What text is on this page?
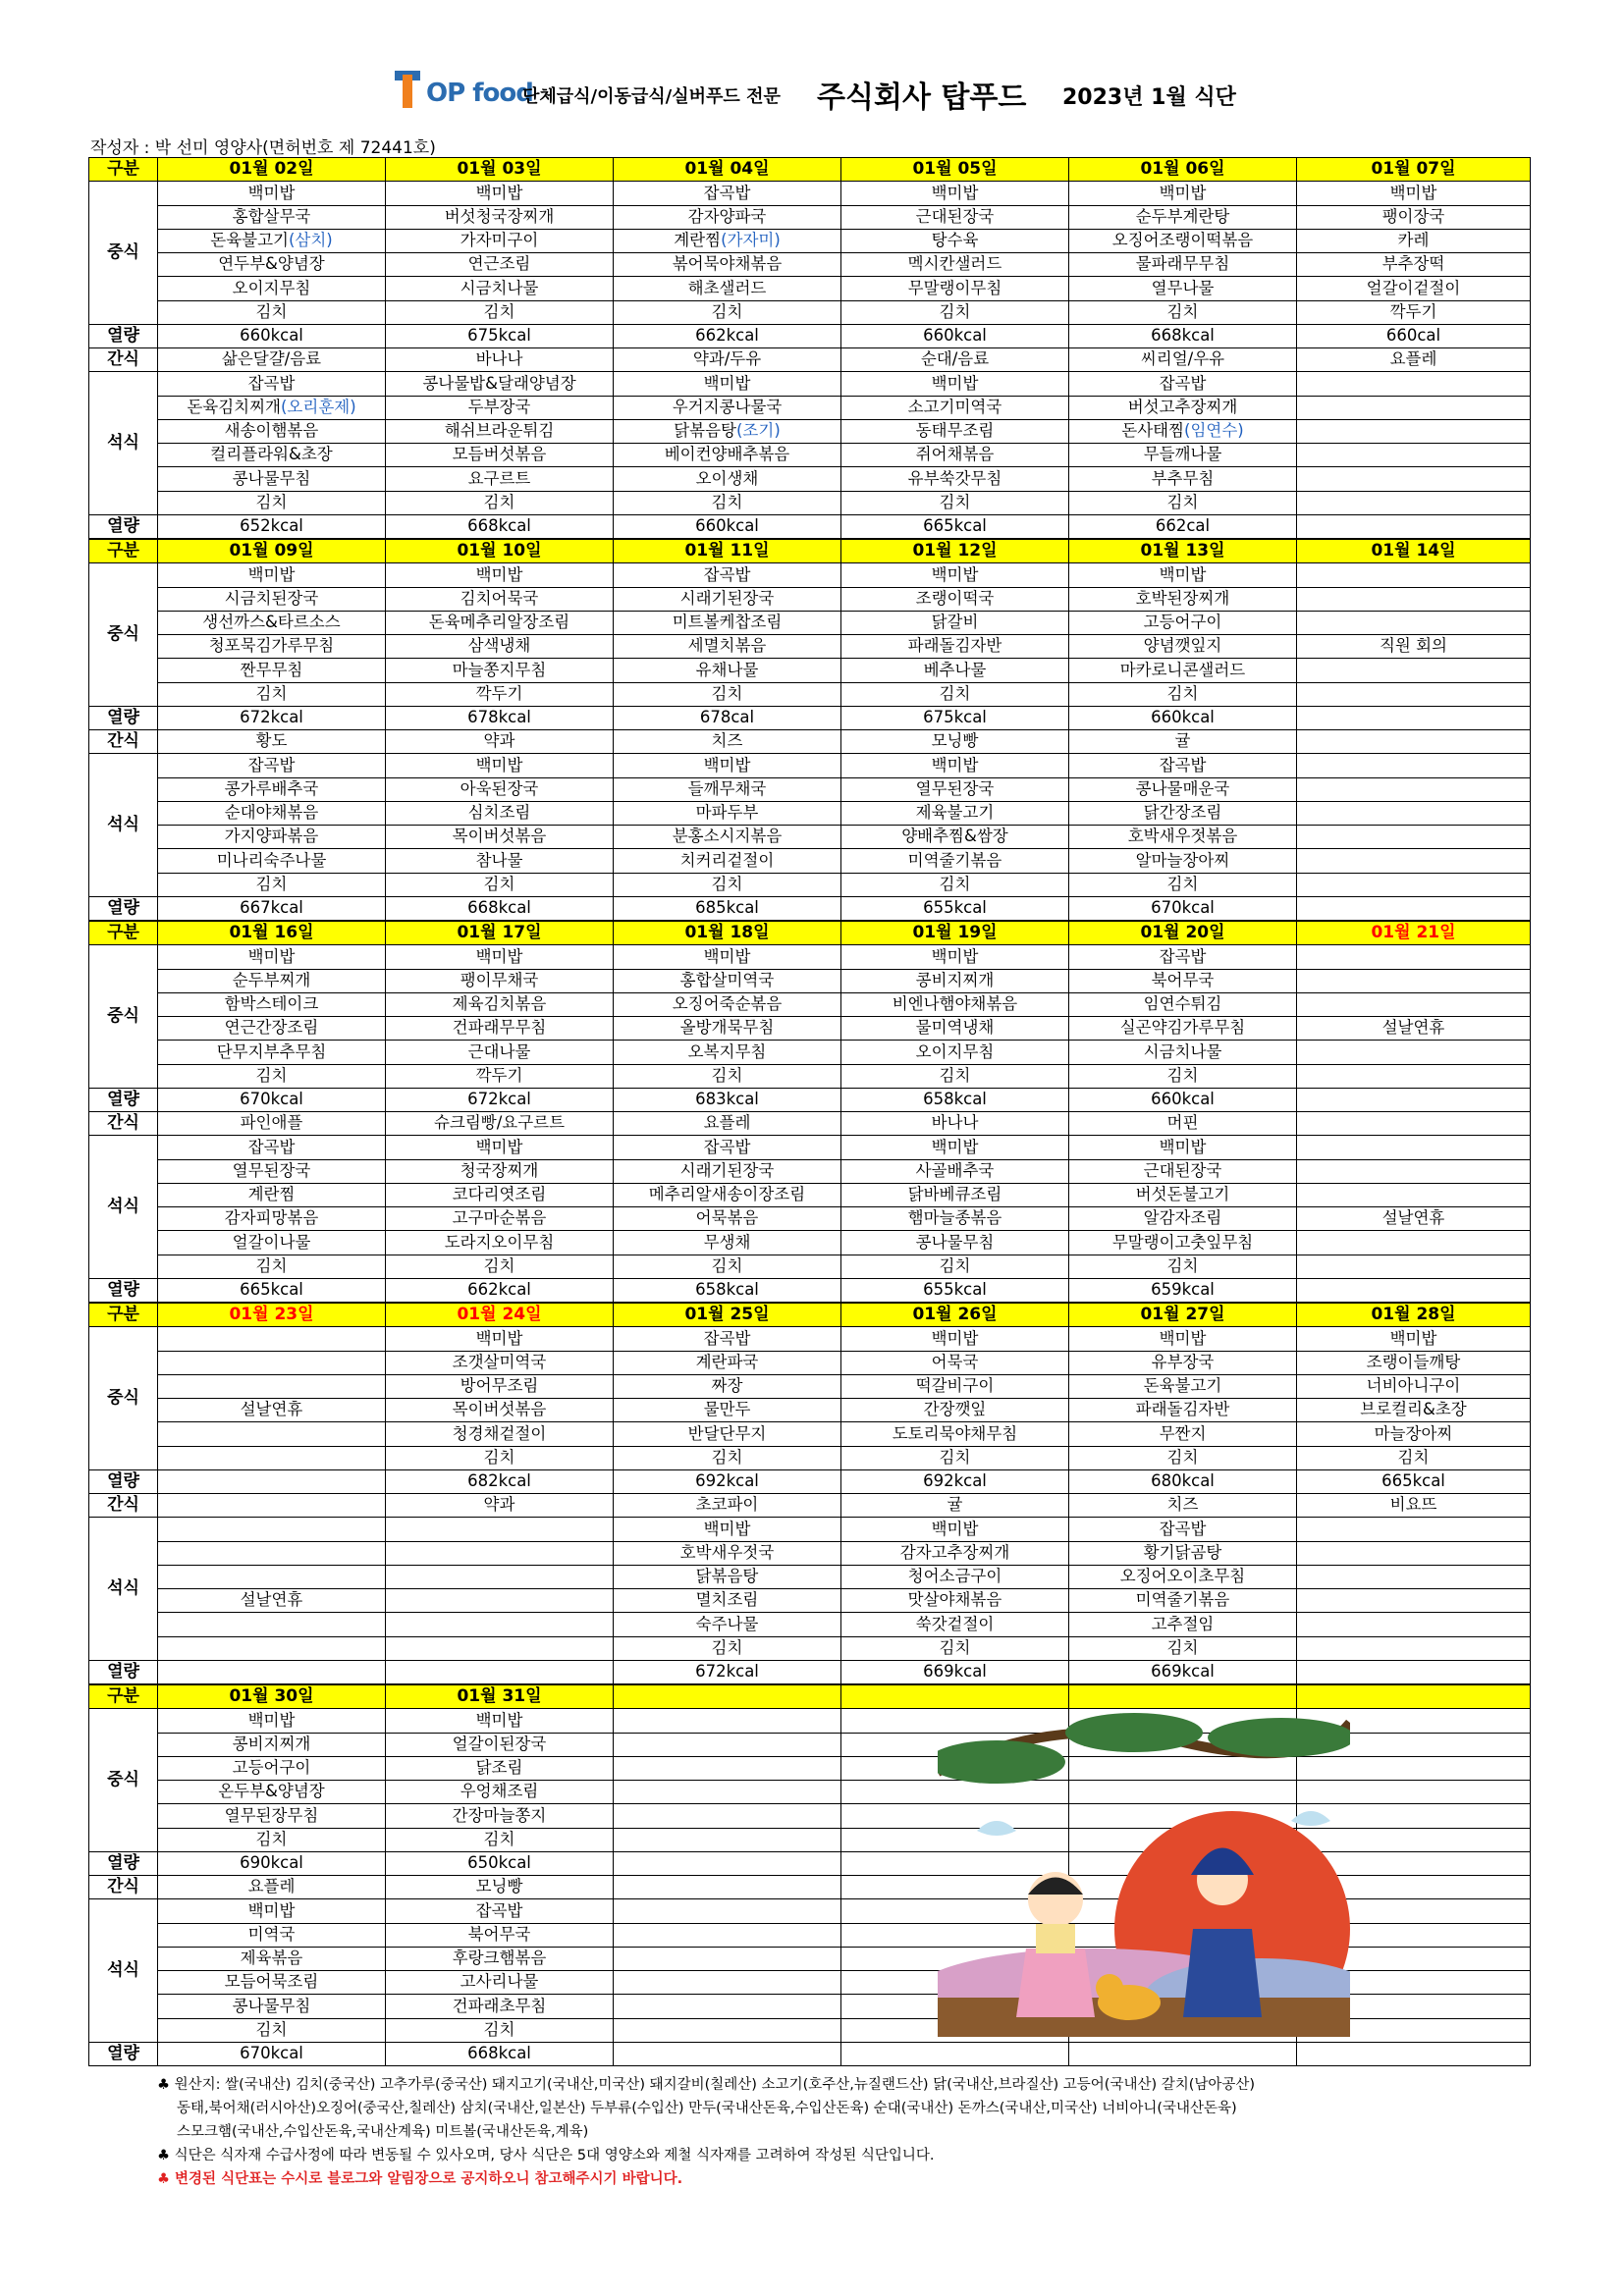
OP food
단체급식/이동급식/실버푸드 전문 주식회사 탑푸드 2023년 1월 식단
작성자 : 박 선미 영양사(면허번호 제 72441호)
구분	01월 02일	01월 03일	01월 04일	01월 05일	01월 06일	01월 07일
중식	백미밥	백미밥	잡곡밥	백미밥	백미밥	백미밥
	홍합살무국	버섯청국장찌개	감자양파국	근대된장국	순두부계란탕	팽이장국
	돈육불고기(삼치)	가자미구이	계란찜(가자미)	탕수육	오징어조랭이떡볶음	카레
	연두부&양념장	연근조림	볶어묵야채볶음	멕시칸샐러드	물파래무무침	부추장떡
	오이지무침	시금치나물	해초샐러드	무말랭이무침	열무나물	얼갈이겉절이
	김치	김치	김치	김치	김치	깍두기
열량	660kcal	675kcal	662kcal	660kcal	668kcal	660cal
간식	삶은달걀/음료	바나나	약과/두유	순대/음료	씨리얼/우유	요플레
석식	잡곡밥	콩나물밥&달래양념장	백미밥	백미밥	잡곡밥	
	돈육김치찌개(오리훈제)	두부장국	우거지콩나물국	소고기미역국	버섯고추장찌개	
	새송이햄볶음	해쉬브라운튀김	닭볶음탕(조기)	동태무조림	돈사태찜(임연수)	
	컬리플라워&초장	모듬버섯볶음	베이컨양배추볶음	쥐어채볶음	무들깨나물	
	콩나물무침	요구르트	오이생채	유부쑥갓무침	부추무침	
	김치	김치	김치	김치	김치	
열량	652kcal	668kcal	660kcal	665kcal	662cal	
구분	01월 09일	01월 10일	01월 11일	01월 12일	01월 13일	01월 14일
중식	백미밥	백미밥	잡곡밥	백미밥	백미밥	
	시금치된장국	김치어묵국	시래기된장국	조랭이떡국	호박된장찌개	
	생선까스&타르소스	돈육메추리알장조림	미트볼케찹조림	닭갈비	고등어구이	
	청포묵김가루무침	삼색냉채	세멸치볶음	파래돌김자반	양념깻잎지	직원 회의
	짠무무침	마늘쫑지무침	유채나물	베추나물	마카로니콘샐러드	
	김치	깍두기	김치	김치	김치	
열량	672kcal	678kcal	678cal	675kcal	660kcal	
간식	황도	약과	치즈	모닝빵	귤	
석식	잡곡밥	백미밥	백미밥	백미밥	잡곡밥	
	콩가루배추국	아욱된장국	들깨무채국	열무된장국	콩나물매운국	
	순대야채볶음	심치조림	마파두부	제육불고기	닭간장조림	
	가지양파볶음	목이버섯볶음	분홍소시지볶음	양배추찜&쌈장	호박새우젓볶음	
	미나리숙주나물	참나물	치커리겉절이	미역줄기볶음	알마늘장아찌	
	김치	김치	김치	김치	김치	
열량	667kcal	668kcal	685kcal	655kcal	670kcal	
구분	01월 16일	01월 17일	01월 18일	01월 19일	01월 20일	01월 21일
중식	백미밥	백미밥	백미밥	백미밥	잡곡밥	
	순두부찌개	팽이무채국	홍합살미역국	콩비지찌개	북어무국	
	함박스테이크	제육김치볶음	오징어죽순볶음	비엔나햄야채볶음	임연수튀김	
	연근간장조림	건파래무무침	올방개묵무침	물미역냉채	실곤약김가루무침	설날연휴
	단무지부추무침	근대나물	오복지무침	오이지무침	시금치나물	
	김치	깍두기	김치	김치	김치	
열량	670kcal	672kcal	683kcal	658kcal	660kcal	
간식	파인애플	슈크림빵/요구르트	요플레	바나나	머핀	
석식	잡곡밥	백미밥	잡곡밥	백미밥	백미밥	
	열무된장국	청국장찌개	시래기된장국	사골배추국	근대된장국	
	계란찜	코다리엿조림	메추리알새송이장조림	닭바베큐조림	버섯돈불고기	
	감자피망볶음	고구마순볶음	어묵볶음	햄마늘종볶음	알감자조림	설날연휴
	얼갈이나물	도라지오이무침	무생채	콩나물무침	무말랭이고춧잎무침	
	김치	김치	김치	김치	김치	
열량	665kcal	662kcal	658kcal	655kcal	659kcal	
구분	01월 23일	01월 24일	01월 25일	01월 26일	01월 27일	01월 28일
중식		백미밥	잡곡밥	백미밥	백미밥	백미밥
		조갯살미역국	계란파국	어묵국	유부장국	조랭이들깨탕
		방어무조림	짜장	떡갈비구이	돈육불고기	너비아니구이
	설날연휴	목이버섯볶음	물만두	간장깻잎	파래돌김자반	브로컬리&초장
		청경채겉절이	반달단무지	도토리묵야채무침	무짠지	마늘장아찌
		김치	김치	김치	김치	김치
열량		682kcal	692kcal	692kcal	680kcal	665kcal
간식		약과	초코파이	귤	치즈	비요뜨
석식			백미밥	백미밥	잡곡밥	
			호박새우젓국	감자고추장찌개	황기닭곰탕	
			닭볶음탕	청어소금구이	오징어오이초무침	
	설날연휴		멸치조림	맛살야채볶음	미역줄기볶음	
			숙주나물	쑥갓겉절이	고추절임	
			김치	김치	김치	
열량			672kcal	669kcal	669kcal	
구분	01월 30일	01월 31일				
중식	백미밥	백미밥				
	콩비지찌개	얼갈이된장국				
	고등어구이	닭조림				
	온두부&양념장	우엉채조림				
	열무된장무침	간장마늘쫑지				
	김치	김치				
열량	690kcal	650kcal				
간식	요플레	모닝빵				
석식	백미밥	잡곡밥				
	미역국	북어무국				
	제육볶음	후랑크햄볶음				
	모듬어묵조림	고사리나물				
	콩나물무침	건파래초무침				
	김치	김치				
열량	670kcal	668kcal				
♣ 원산지: 쌀(국내산) 김치(중국산) 고추가루(중국산) 돼지고기(국내산,미국산) 돼지갈비(칠레산) 소고기(호주산,뉴질랜드산) 닭(국내산,브라질산) 고등어(국내산) 갈치(남아공산)
동태,북어채(러시아산)오징어(중국산,칠레산) 삼치(국내산,일본산) 두부류(수입산) 만두(국내산돈육,수입산돈육) 순대(국내산) 돈까스(국내산,미국산) 너비아니(국내산돈육)
스모크햄(국내산,수입산돈육,국내산계육) 미트볼(국내산돈육,계육)
♣ 식단은 식자재 수급사정에 따라 변동될 수 있사오며, 당사 식단은 5대 영양소와 제철 식자재를 고려하여 작성된 식단입니다.
♣ 변경된 식단표는 수시로 블로그와 알림장으로 공지하오니 참고해주시기 바랍니다.
